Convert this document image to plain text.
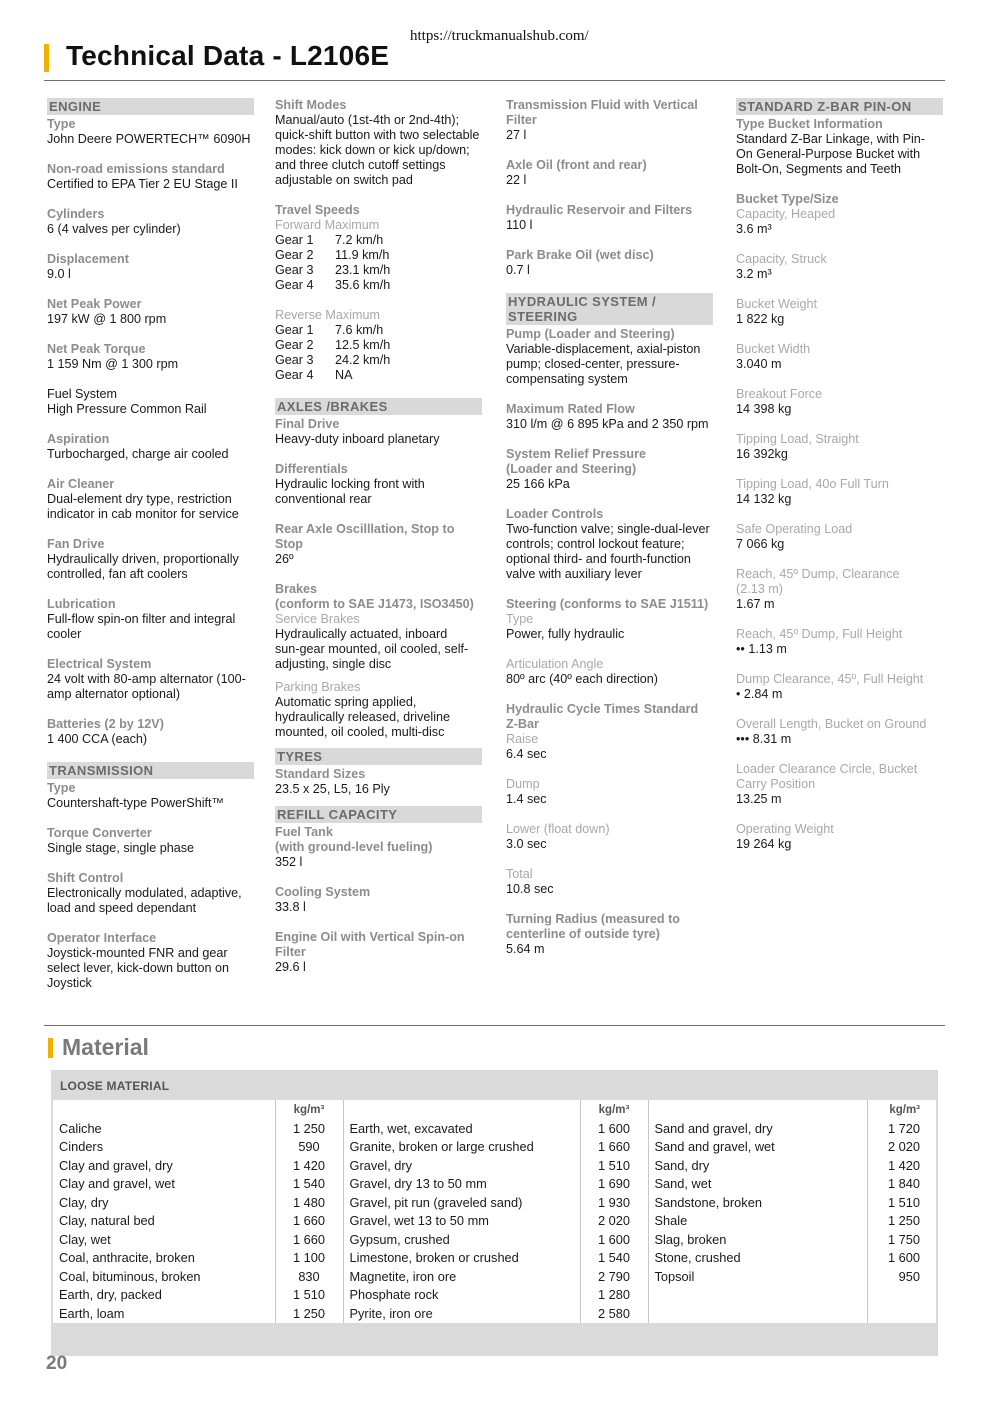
https://truckmanualshub.com/
Technical Data - L2106E
ENGINE
Type
John Deere POWERTECH™ 6090H
Non-road emissions standard
Certified to EPA Tier 2 EU Stage II
Cylinders
6 (4 valves per cylinder)
Displacement
9.0 l
Net Peak Power
197 kW @ 1 800 rpm
Net Peak Torque
1 159 Nm @ 1 300 rpm
Fuel System
High Pressure Common Rail
Aspiration
Turbocharged, charge air cooled
Air Cleaner
Dual-element dry type, restriction
indicator in cab monitor for service
Fan Drive
Hydraulically driven, proportionally
controlled, fan aft coolers
Lubrication
Full-flow spin-on filter and integral
cooler
Electrical System
24 volt with 80-amp alternator (100-
amp alternator optional)
Batteries (2 by 12V)
1 400 CCA (each)
TRANSMISSION
Type
Countershaft-type PowerShift™
Torque Converter
Single stage, single phase
Shift Control
Electronically modulated, adaptive,
load and speed dependant
Operator Interface
Joystick-mounted FNR and gear
select lever, kick-down button on
Joystick
Shift Modes
Manual/auto (1st-4th or 2nd-4th);
quick-shift button with two selectable
modes: kick down or kick up/down;
and three clutch cutoff settings
adjustable on switch pad
Travel Speeds
Forward Maximum
Gear 1	7.2 km/h
Gear 2	11.9 km/h
Gear 3	23.1 km/h
Gear 4	35.6 km/h
Reverse Maximum
Gear 1	7.6 km/h
Gear 2	12.5 km/h
Gear 3	24.2 km/h
Gear 4	NA
AXLES /BRAKES
Final Drive
Heavy-duty inboard planetary
Differentials
Hydraulic locking front with
conventional rear
Rear Axle Oscilllation, Stop to
Stop
26º
Brakes
(conform to SAE J1473, ISO3450)
Service Brakes
Hydraulically actuated, inboard
sun-gear mounted, oil cooled, self-
adjusting, single disc
Parking Brakes
Automatic spring applied,
hydraulically released, driveline
mounted, oil cooled, multi-disc
TYRES
Standard Sizes
23.5 x 25, L5, 16 Ply
REFILL CAPACITY
Fuel Tank
(with ground-level fueling)
352 l
Cooling System
33.8 l
Engine Oil with Vertical Spin-on
Filter
29.6 l
Transmission Fluid with Vertical
Filter
27 l
Axle Oil (front and rear)
22 l
Hydraulic Reservoir and Filters
110 l
Park Brake Oil (wet disc)
0.7 l
HYDRAULIC SYSTEM /
STEERING
Pump (Loader and Steering)
Variable-displacement, axial-piston
pump; closed-center, pressure-
compensating system
Maximum Rated Flow
310 l/m @ 6 895 kPa and 2 350 rpm
System Relief Pressure
(Loader and Steering)
25 166 kPa
Loader Controls
Two-function valve; single-dual-lever
controls; control lockout feature;
optional third- and fourth-function
valve with auxiliary lever
Steering (conforms to SAE J1511)
Type
Power, fully hydraulic
Articulation Angle
80º arc (40º each direction)
Hydraulic Cycle Times Standard
Z-Bar
Raise
6.4 sec
Dump
1.4 sec
Lower (float down)
3.0 sec
Total
10.8 sec
Turning Radius (measured to
centerline of outside tyre)
5.64 m
STANDARD Z-BAR PIN-ON
Type Bucket Information
Standard Z-Bar Linkage, with Pin-
On General-Purpose Bucket with
Bolt-On, Segments and Teeth
Bucket Type/Size
Capacity, Heaped
3.6 m³
Capacity, Struck
3.2 m³
Bucket Weight
1 822 kg
Bucket Width
3.040 m
Breakout Force
14 398 kg
Tipping Load, Straight
16 392kg
Tipping Load, 40o Full Turn
14 132 kg
Safe Operating Load
7 066 kg
Reach, 45º Dump, Clearance
(2.13 m)
1.67 m
Reach, 45º Dump, Full Height
•• 1.13 m
Dump Clearance, 45º, Full Height
• 2.84 m
Overall Length, Bucket on Ground
••• 8.31 m
Loader Clearance Circle, Bucket
Carry Position
13.25 m
Operating Weight
19 264 kg
Material
LOOSE MATERIAL
	kg/m³		kg/m³		kg/m³
Caliche	1 250	Earth, wet, excavated	1 600	Sand and gravel, dry	1 720
Cinders	590	Granite, broken or large crushed	1 660	Sand and gravel, wet	2 020
Clay and gravel, dry	1 420	Gravel, dry	1 510	Sand, dry	1 420
Clay and gravel, wet	1 540	Gravel, dry 13 to 50 mm	1 690	Sand, wet	1 840
Clay, dry	1 480	Gravel, pit run (graveled sand)	1 930	Sandstone, broken	1 510
Clay, natural bed	1 660	Gravel, wet 13 to 50 mm	2 020	Shale	1 250
Clay, wet	1 660	Gypsum, crushed	1 600	Slag, broken	1 750
Coal, anthracite, broken	1 100	Limestone, broken or crushed	1 540	Stone, crushed	1 600
Coal, bituminous, broken	830	Magnetite, iron ore	2 790	Topsoil	950
Earth, dry, packed	1 510	Phosphate rock	1 280		
Earth, loam	1 250	Pyrite, iron ore	2 580		
20
